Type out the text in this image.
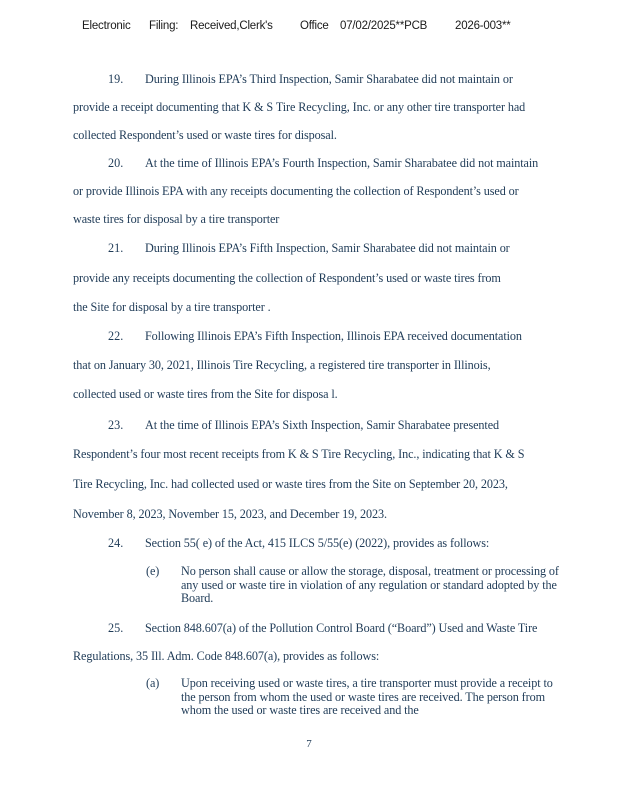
Electronic Filing: Received,Clerk's Office 07/02/2025**PCB 2026-003**
19. During Illinois EPA’s Third Inspection, Samir Sharabatee did not maintain or
provide a receipt documenting that K & S Tire Recycling, Inc. or any other tire transporter had
collected Respondent’s used or waste tires for disposal.
20. At the time of Illinois EPA’s Fourth Inspection, Samir Sharabatee did not maintain
or provide Illinois EPA with any receipts documenting the collection of Respondent’s used or
waste tires for disposal by a tire transporter
21. During Illinois EPA’s Fifth Inspection, Samir Sharabatee did not maintain or
provide any receipts documenting the collection of Respondent’s used or waste tires from
the Site for disposal by a tire transporter .
22. Following Illinois EPA’s Fifth Inspection, Illinois EPA received documentation
that on January 30, 2021, Illinois Tire Recycling, a registered tire transporter in Illinois,
collected used or waste tires from the Site for disposa l.
23. At the time of Illinois EPA’s Sixth Inspection, Samir Sharabatee presented
Respondent’s four most recent receipts from K & S Tire Recycling, Inc., indicating that K & S
Tire Recycling, Inc. had collected used or waste tires from the Site on September 20, 2023,
November 8, 2023, November 15, 2023, and December 19, 2023.
24. Section 55( e) of the Act, 415 ILCS 5/55(e) (2022), provides as follows:
(e) No person shall cause or allow the storage, disposal, treatment or processing of any used or waste tire in violation of any regulation or standard adopted by the Board.
25. Section 848.607(a) of the Pollution Control Board (“Board”) Used and Waste Tire
Regulations, 35 Ill. Adm. Code 848.607(a), provides as follows:
(a) Upon receiving used or waste tires, a tire transporter must provide a receipt to the person from whom the used or waste tires are received. The person from whom the used or waste tires are received and the
7
